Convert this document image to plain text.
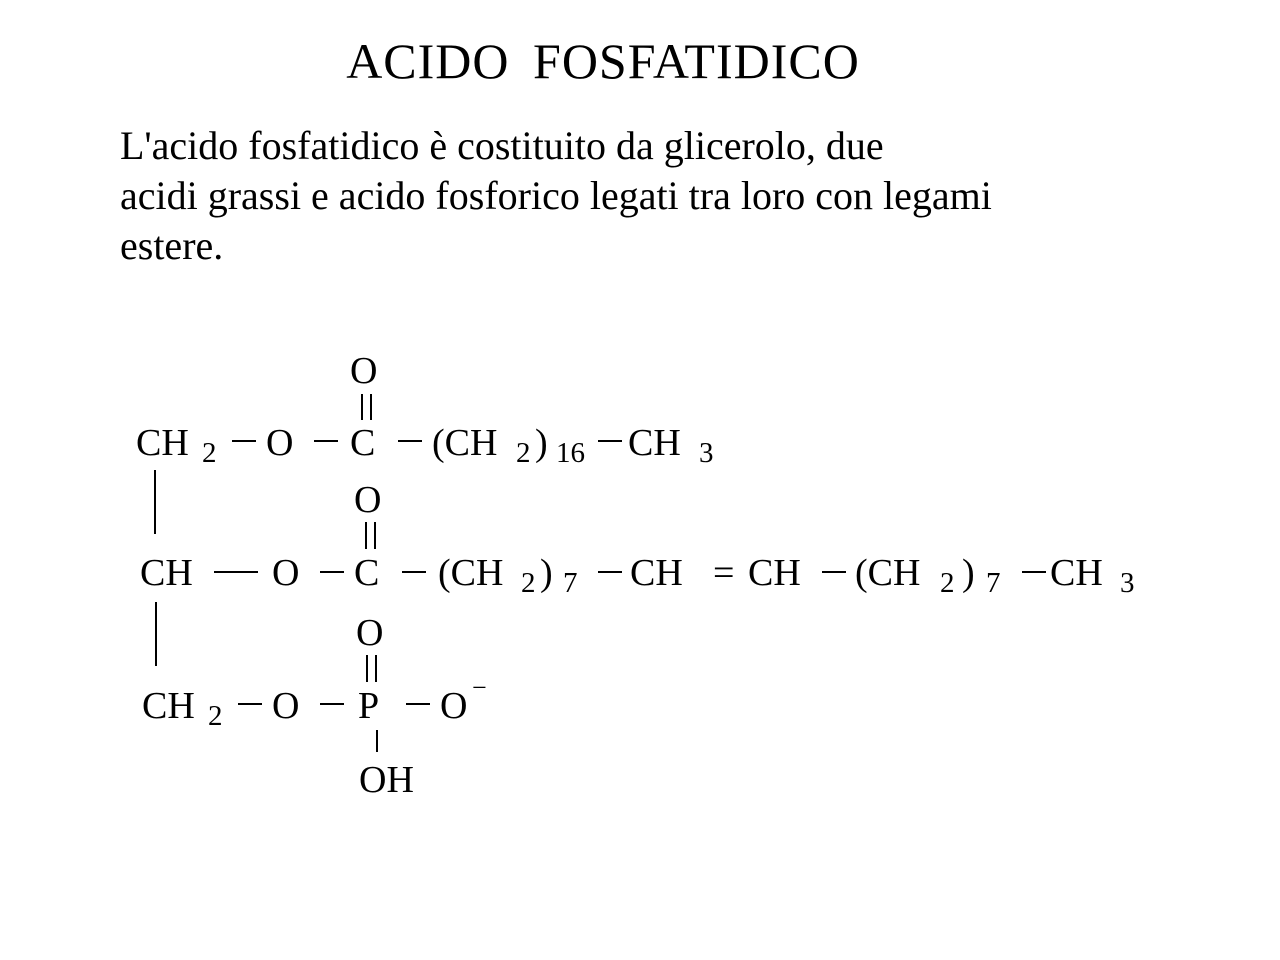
ACIDO FOSFATIDICO
L'acido fosfatidico è costituito da glicerolo, due
acidi grassi e acido fosforico legati tra loro con legami
estere.
CH 2 O C
O
(CH 2 ) 16 CH 3
CH O C
O
(CH 2 ) 7 CH = CH (CH 2 ) 7 CH 3
CH 2 O P
O
O −
OH
